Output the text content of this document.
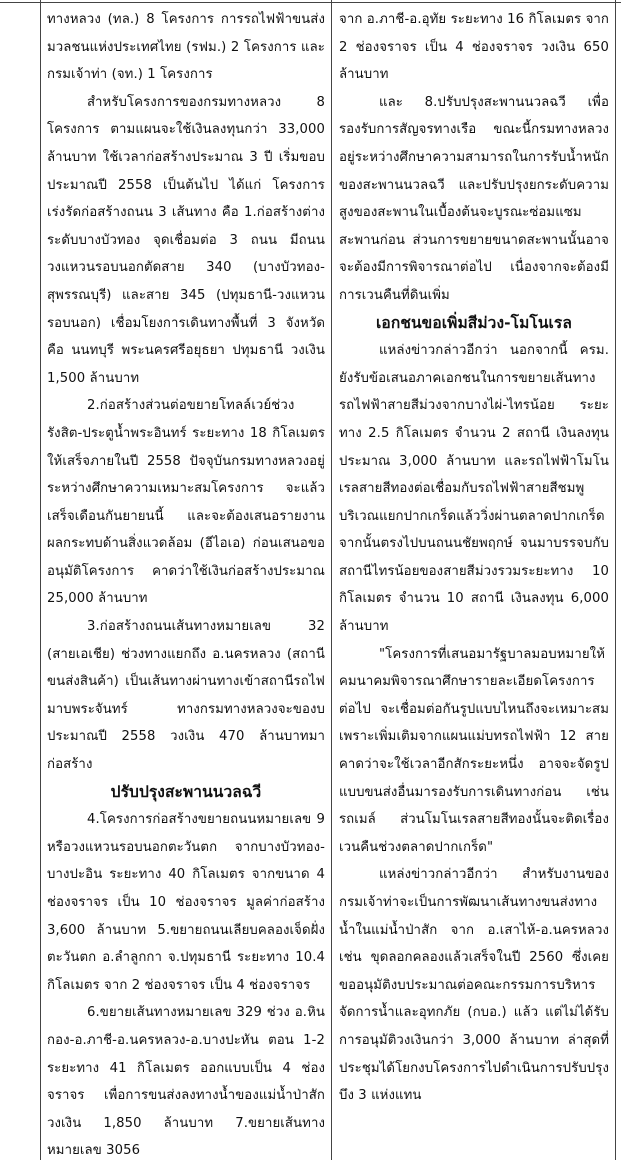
ทางหลวง (ทล.) 8 โครงการ การรถไฟฟ้าขนส่งมวลชนแห่งประเทศไทย (รฟม.) 2 โครงการ และกรมเจ้าท่า (จท.) 1 โครงการ

สำหรับโครงการของกรมทางหลวง 8 โครงการ ตามแผนจะใช้เงินลงทุนกว่า 33,000 ล้านบาท ใช้เวลาก่อสร้างประมาณ 3 ปี เริ่มขอบประมาณปี 2558 เป็นต้นไป ได้แก่ โครงการเร่งรัดก่อสร้างถนน 3 เส้นทาง คือ 1.ก่อสร้างต่างระดับบางบัวทอง จุดเชื่อมต่อ 3 ถนน มีถนนวงแหวนรอบนอกตัดสาย 340 (บางบัวทอง-สุพรรณบุรี) และสาย 345 (ปทุมธานี-วงแหวนรอบนอก) เชื่อมโยงการเดินทางพื้นที่ 3 จังหวัด คือ นนทบุรี พระนครศรีอยุธยา ปทุมธานี วงเงิน 1,500 ล้านบาท

2.ก่อสร้างส่วนต่อขยายโทลล์เวย์ช่วงรังสิต-ประตูน้ำพระอินทร์ ระยะทาง 18 กิโลเมตรให้เสร็จภายในปี 2558 ปัจจุบันกรมทางหลวงอยู่ระหว่างศึกษาความเหมาะสมโครงการ จะแล้วเสร็จเดือนกันยายนนี้ และจะต้องเสนอรายงานผลกระทบด้านสิ่งแวดล้อม (อีไอเอ) ก่อนเสนอขออนุมัติโครงการ คาดว่าใช้เงินก่อสร้างประมาณ 25,000 ล้านบาท

3.ก่อสร้างถนนเส้นทางหมายเลข 32 (สายเอเชีย) ช่วงทางแยกถึง อ.นครหลวง (สถานีขนส่งสินค้า) เป็นเส้นทางผ่านทางเข้าสถานีรถไฟมาบพระจันทร์ ทางกรมทางหลวงจะของบประมาณปี 2558 วงเงิน 470 ล้านบาทมาก่อสร้าง

ปรับปรุงสะพานนวลฉวี

4.โครงการก่อสร้างขยายถนนหมายเลข 9 หรือวงแหวนรอบนอกตะวันตก จากบางบัวทอง-บางปะอิน ระยะทาง 40 กิโลเมตร จากขนาด 4 ช่องจราจร เป็น 10 ช่องจราจร มูลค่าก่อสร้าง 3,600 ล้านบาท 5.ขยายถนนเลียบคลองเจ็ดฝั่งตะวันตก อ.ลำลูกกา จ.ปทุมธานี ระยะทาง 10.4 กิโลเมตร จาก 2 ช่องจราจร เป็น 4 ช่องจราจร

6.ขยายเส้นทางหมายเลข 329 ช่วง อ.หินกอง-อ.ภาชี-อ.นครหลวง-อ.บางปะหัน ตอน 1-2 ระยะทาง 41 กิโลเมตร ออกแบบเป็น 4 ช่องจราจร เพื่อการขนส่งลงทางน้ำของแม่น้ำป่าสักวงเงิน 1,850 ล้านบาท 7.ขยายเส้นทางหมายเลข 3056

จาก อ.ภาชี-อ.อุทัย ระยะทาง 16 กิโลเมตร จาก 2 ช่องจราจร เป็น 4 ช่องจราจร วงเงิน 650 ล้านบาท

และ 8.ปรับปรุงสะพานนวลฉวี เพื่อรองรับการสัญจรทางเรือ ขณะนี้กรมทางหลวงอยู่ระหว่างศึกษาความสามารถในการรับน้ำหนักของสะพานนวลฉวี และปรับปรุงยกระดับความสูงของสะพานในเบื้องต้นจะบูรณะซ่อมแซมสะพานก่อน ส่วนการขยายขนาดสะพานนั้นอาจจะต้องมีการพิจารณาต่อไป เนื่องจากจะต้องมีการเวนคืนที่ดินเพิ่ม

เอกชนขอเพิ่มสีม่วง-โมโนเรล

แหล่งข่าวกล่าวอีกว่า นอกจากนี้ ครม. ยังรับข้อเสนอภาคเอกชนในการขยายเส้นทางรถไฟฟ้าสายสีม่วงจากบางไผ่-ไทรน้อย ระยะทาง 2.5 กิโลเมตร จำนวน 2 สถานี เงินลงทุนประมาณ 3,000 ล้านบาท และรถไฟฟ้าโมโนเรลสายสีทองต่อเชื่อมกับรถไฟฟ้าสายสีชมพูบริเวณแยกปากเกร็ดแล้ววิ่งผ่านตลาดปากเกร็ด จากนั้นตรงไปบนถนนชัยพฤกษ์ จนมาบรรจบกับสถานีไทรน้อยของสายสีม่วงรวมระยะทาง 10 กิโลเมตร จำนวน 10 สถานี เงินลงทุน 6,000 ล้านบาท

"โครงการที่เสนอมารัฐบาลมอบหมายให้คมนาคมพิจารณาศึกษารายละเอียดโครงการต่อไป จะเชื่อมต่อกันรูปแบบไหนถึงจะเหมาะสม เพราะเพิ่มเติมจากแผนแม่บทรถไฟฟ้า 12 สาย คาดว่าจะใช้เวลาอีกสักระยะหนึ่ง อาจจะจัดรูปแบบขนส่งอื่นมารองรับการเดินทางก่อน เช่น รถเมล์ ส่วนโมโนเรลสายสีทองนั้นจะติดเรื่องเวนคืนช่วงตลาดปากเกร็ด"

แหล่งข่าวกล่าวอีกว่า สำหรับงานของกรมเจ้าท่าจะเป็นการพัฒนาเส้นทางขนส่งทางน้ำในแม่น้ำป่าสัก จาก อ.เสาไห้-อ.นครหลวง เช่น ขุดลอกคลองแล้วเสร็จในปี 2560 ซึ่งเคยขออนุมัติงบประมาณต่อคณะกรรมการบริหารจัดการน้ำและอุทกภัย (กบอ.) แล้ว แต่ไม่ได้รับการอนุมัติวงเงินกว่า 3,000 ล้านบาท ล่าสุดที่ประชุมได้โยกงบโครงการไปดำเนินการปรับปรุงบึง 3 แห่งแทน
